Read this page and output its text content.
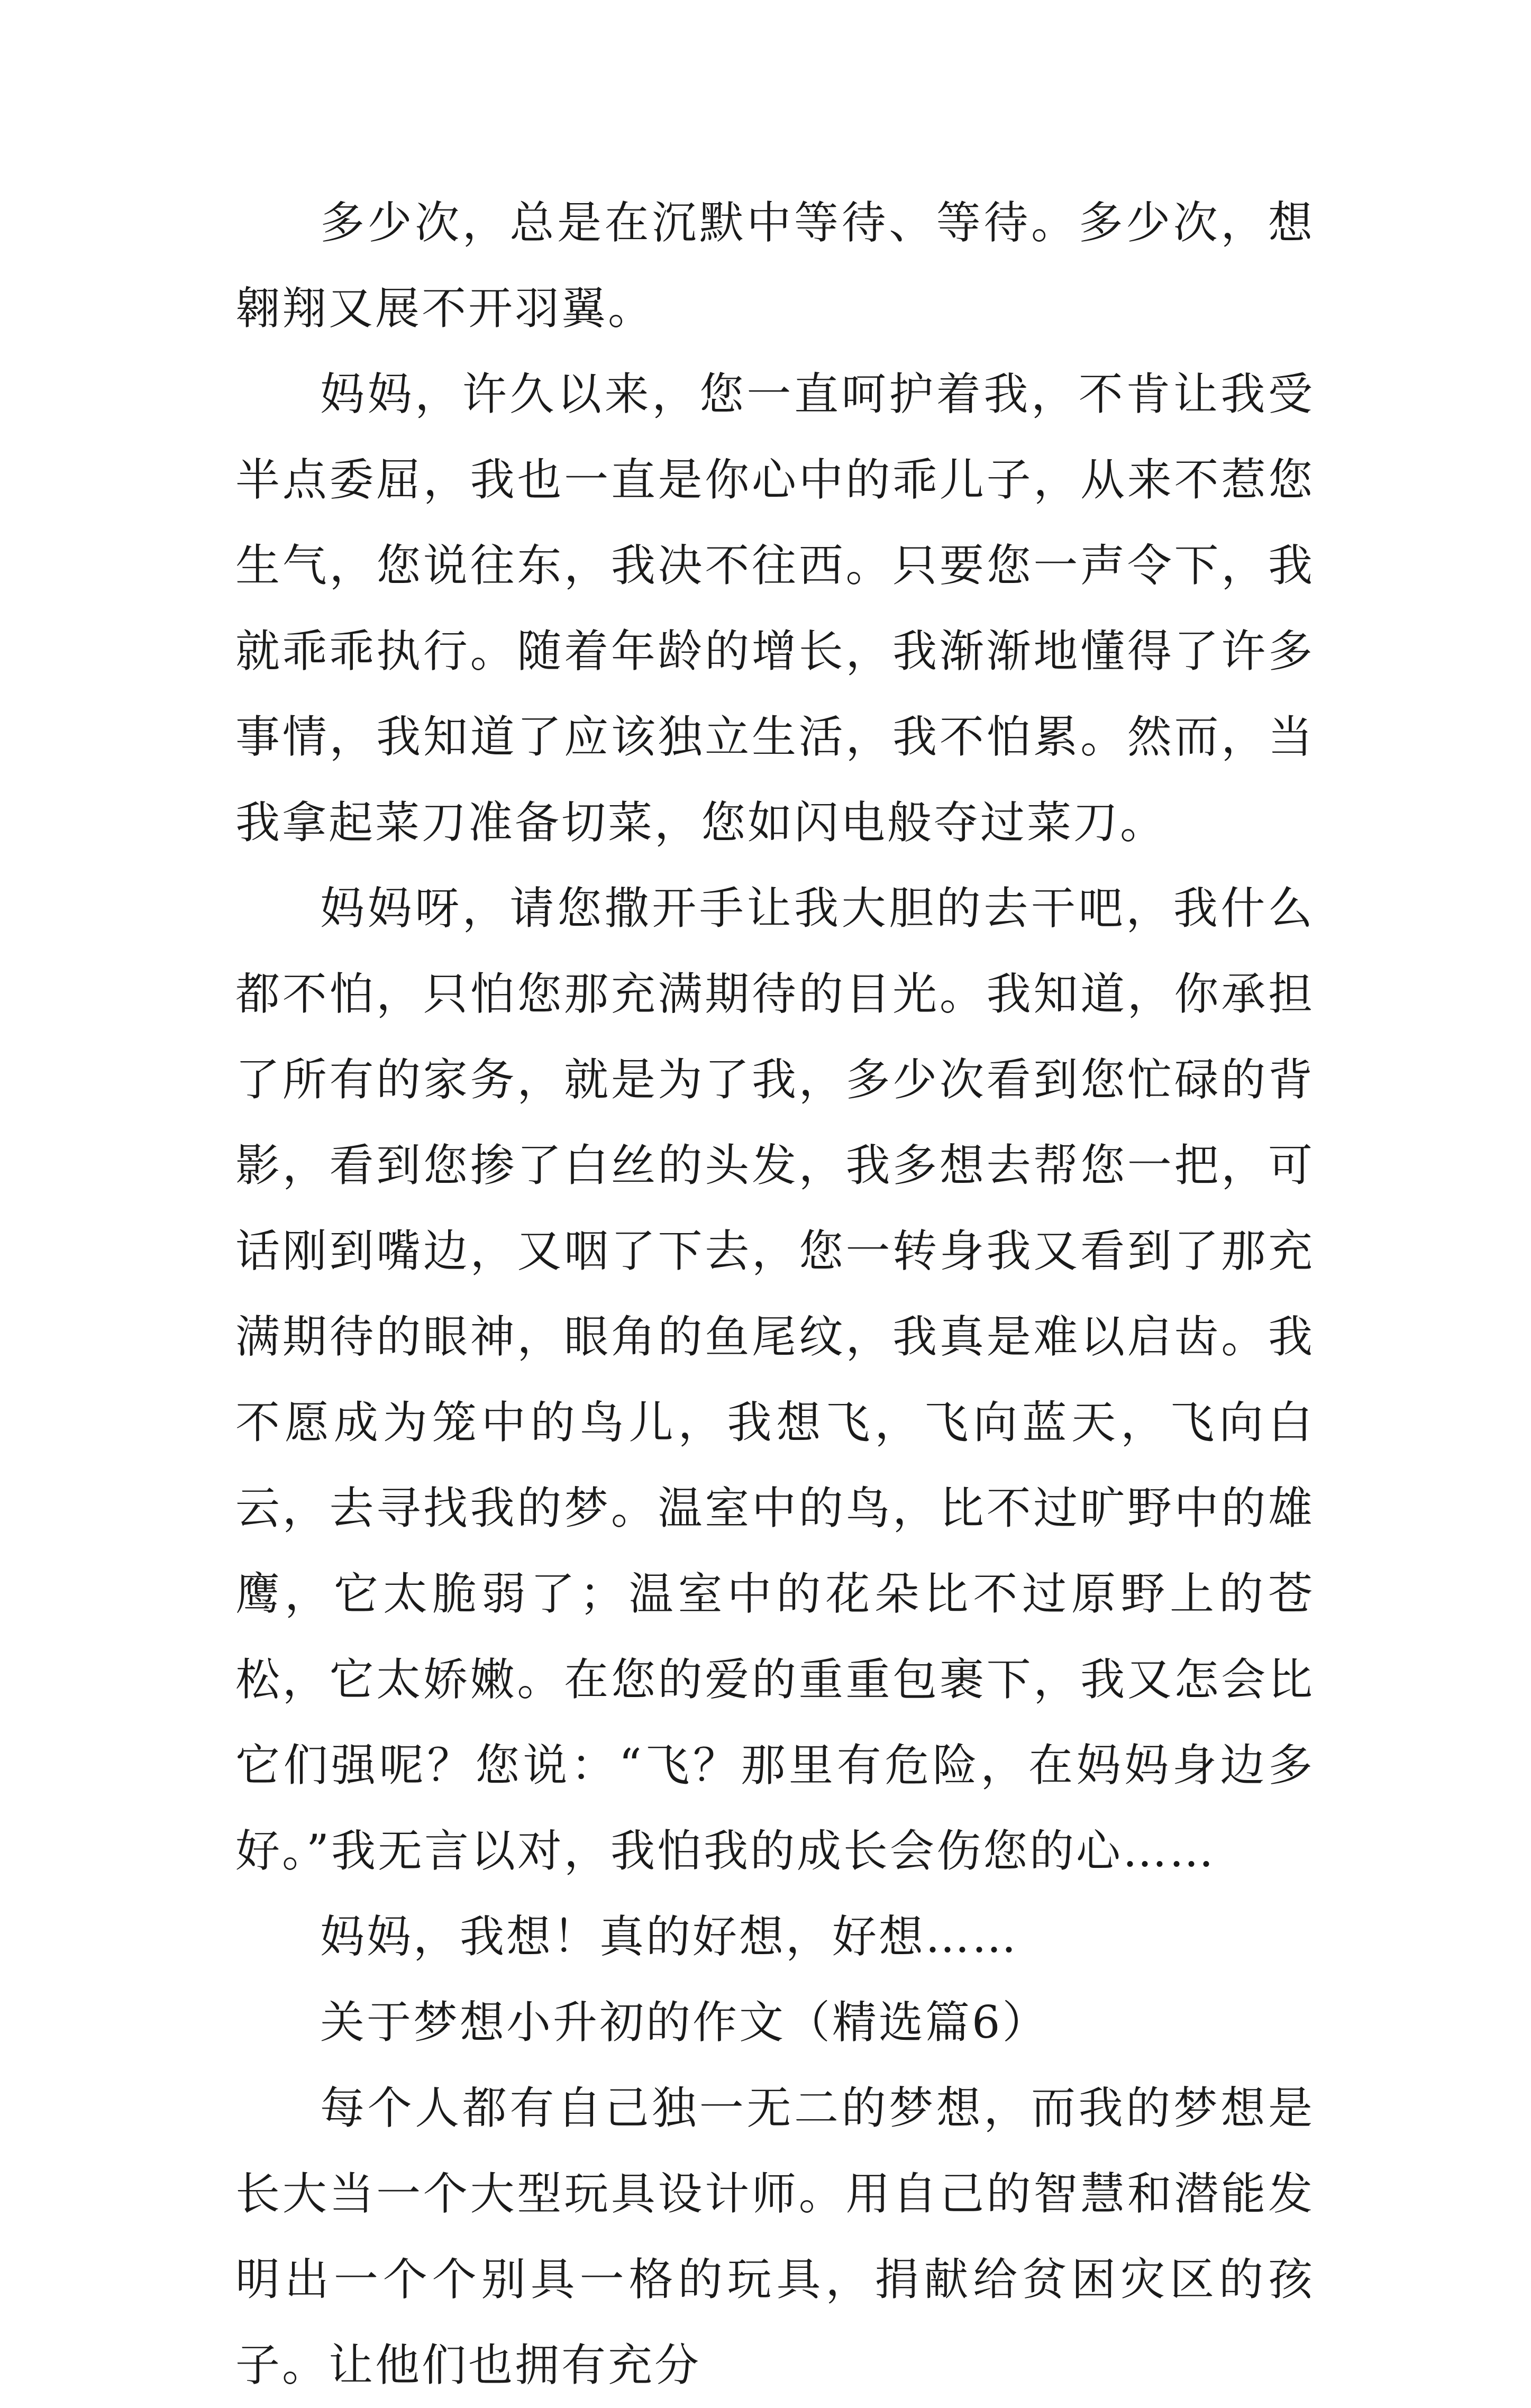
多少次，总是在沉默中等待、等待。多少次，想翱翔又展不开羽翼。

妈妈，许久以来，您一直呵护着我，不肯让我受半点委屈，我也一直是你心中的乖儿子，从来不惹您生气，您说往东，我决不往西。只要您一声令下，我就乖乖执行。随着年龄的增长，我渐渐地懂得了许多事情，我知道了应该独立生活，我不怕累。然而，当我拿起菜刀准备切菜，您如闪电般夺过菜刀。

妈妈呀，请您撒开手让我大胆的去干吧，我什么都不怕，只怕您那充满期待的目光。我知道，你承担了所有的家务，就是为了我，多少次看到您忙碌的背影，看到您掺了白丝的头发，我多想去帮您一把，可话刚到嘴边，又咽了下去，您一转身我又看到了那充满期待的眼神，眼角的鱼尾纹，我真是难以启齿。我不愿成为笼中的鸟儿，我想飞，飞向蓝天，飞向白云，去寻找我的梦。温室中的鸟，比不过旷野中的雄鹰，它太脆弱了；温室中的花朵比不过原野上的苍松，它太娇嫩。在您的爱的重重包裹下，我又怎会比它们强呢？您说：“飞？那里有危险，在妈妈身边多好。”我无言以对，我怕我的成长会伤您的心……

妈妈，我想！真的好想，好想……

关于梦想小升初的作文（精选篇6）

每个人都有自己独一无二的梦想，而我的梦想是长大当一个大型玩具设计师。用自己的智慧和潜能发明出一个个别具一格的玩具，捐献给贫困灾区的孩子。让他们也拥有充分
